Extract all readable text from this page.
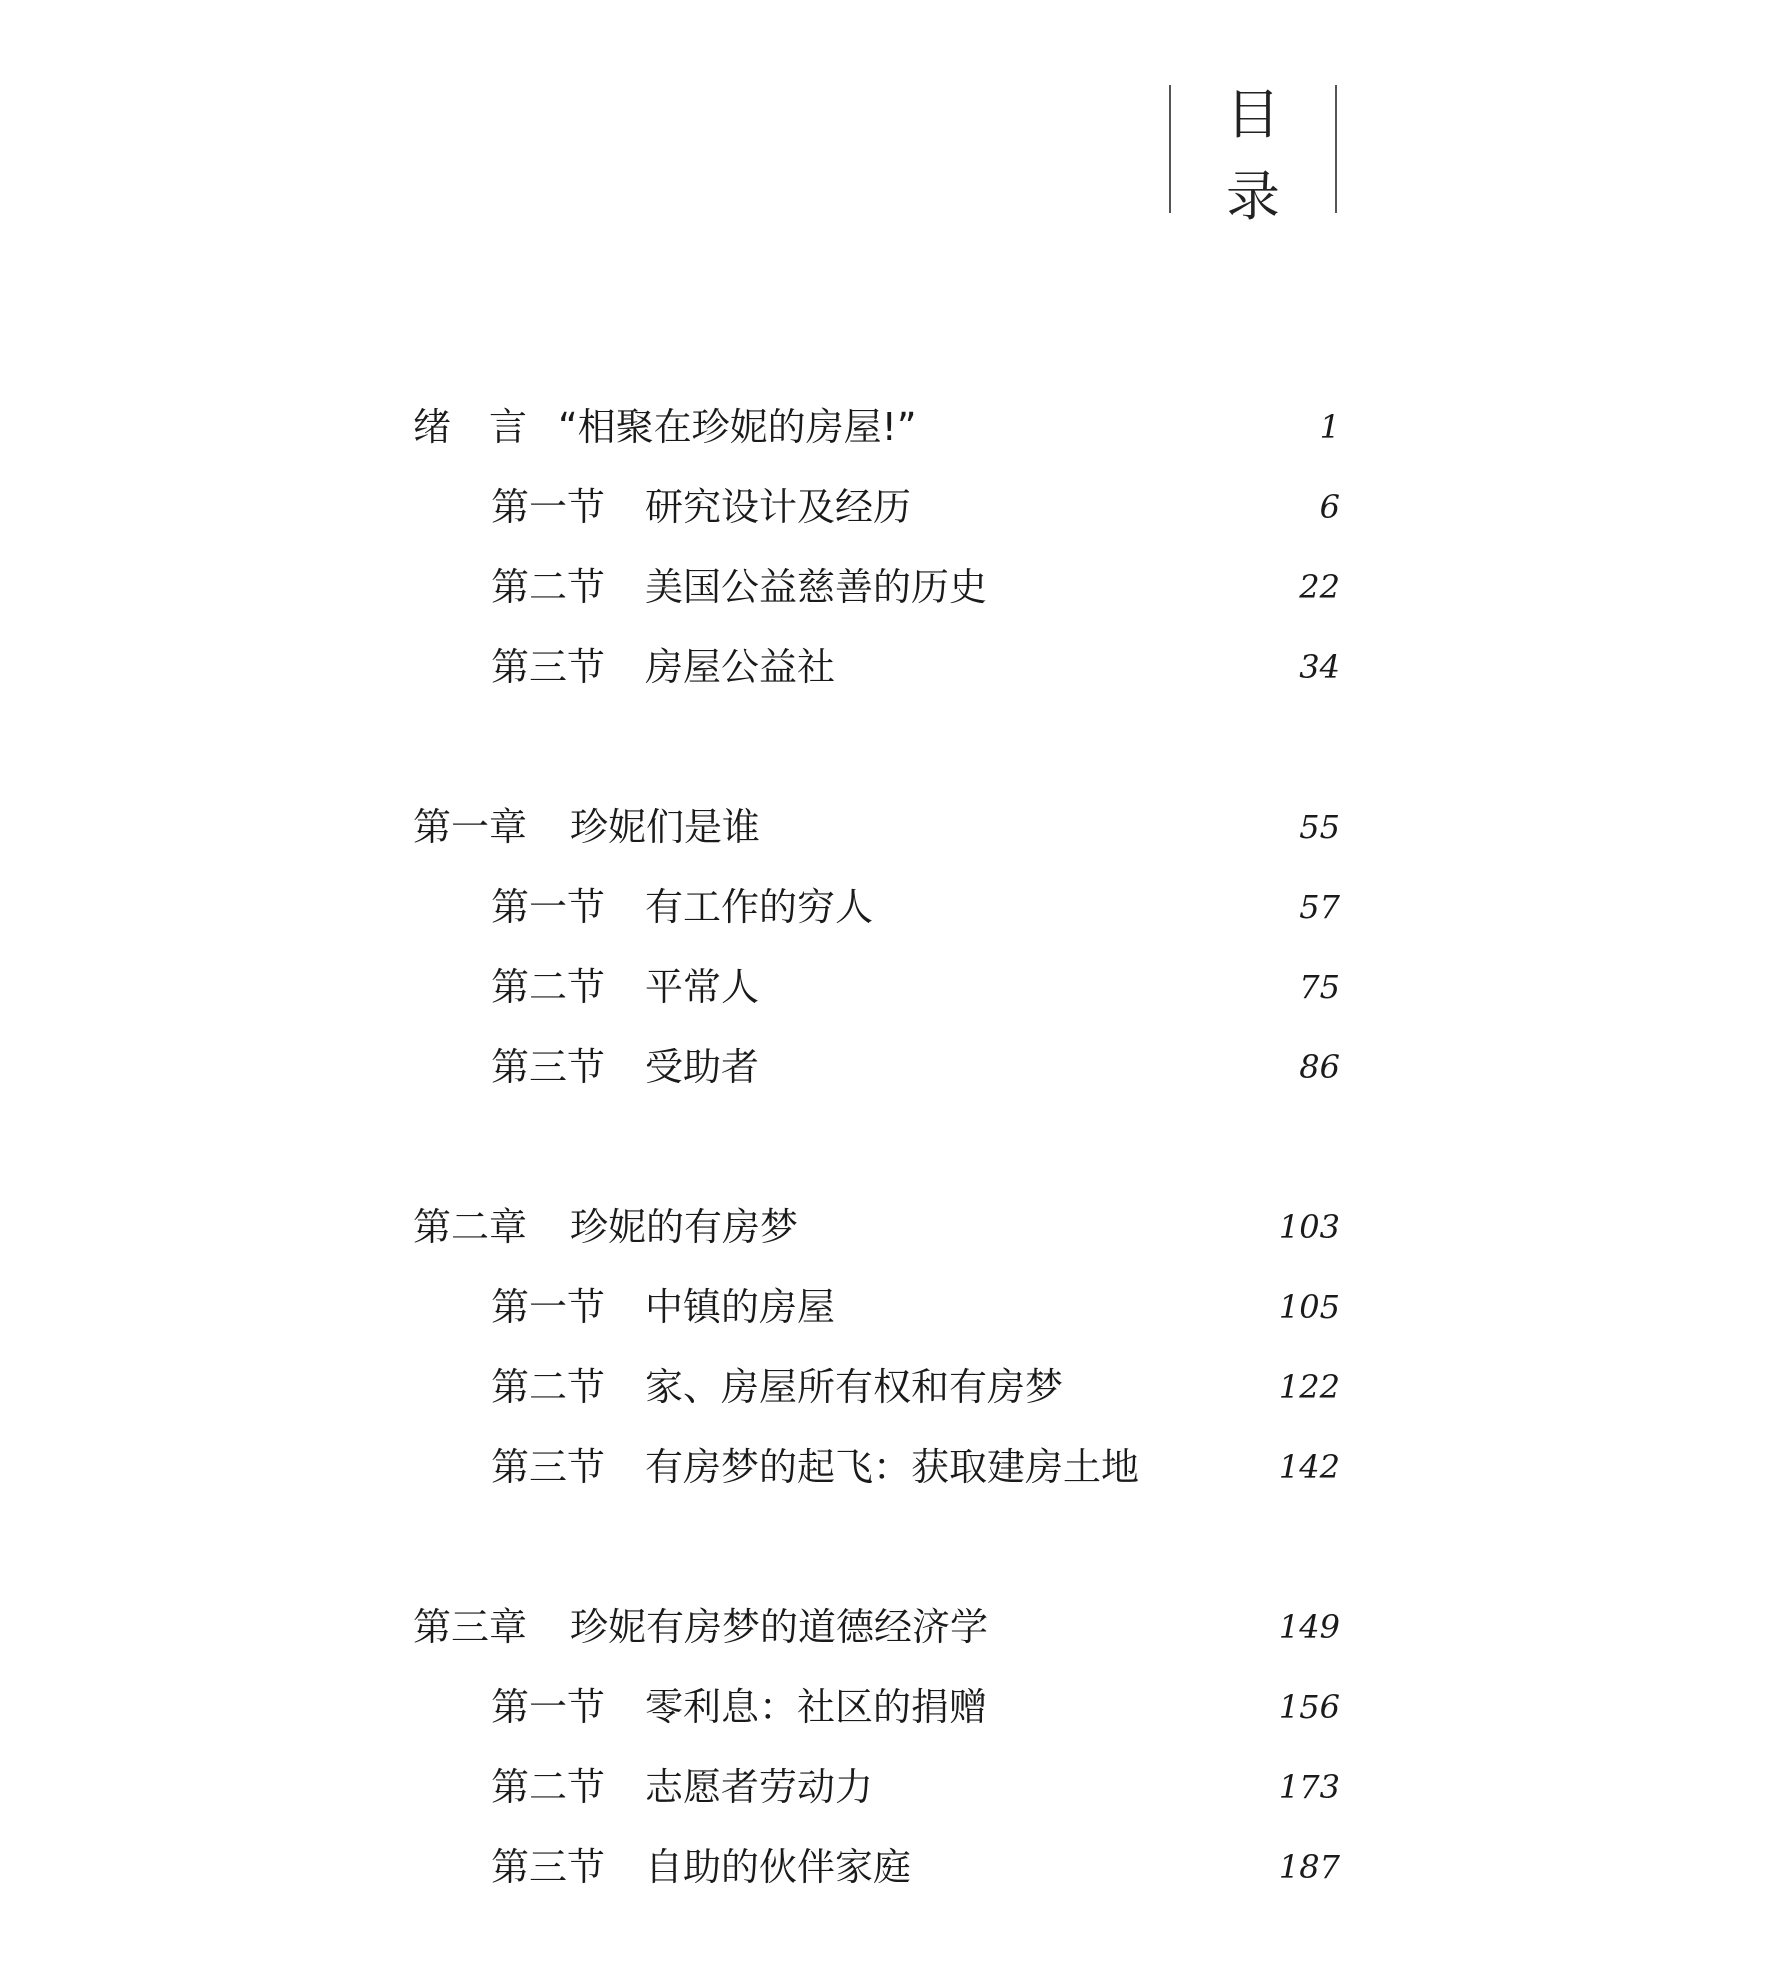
目
录
绪　言 “相聚在珍妮的房屋!”	1
第一节 研究设计及经历	6
第二节 美国公益慈善的历史	22
第三节 房屋公益社	34
第一章 珍妮们是谁	55
第一节 有工作的穷人	57
第二节 平常人	75
第三节 受助者	86
第二章 珍妮的有房梦	103
第一节 中镇的房屋	105
第二节 家、房屋所有权和有房梦	122
第三节 有房梦的起飞：获取建房土地	142
第三章 珍妮有房梦的道德经济学	149
第一节 零利息：社区的捐赠	156
第二节 志愿者劳动力	173
第三节 自助的伙伴家庭	187
